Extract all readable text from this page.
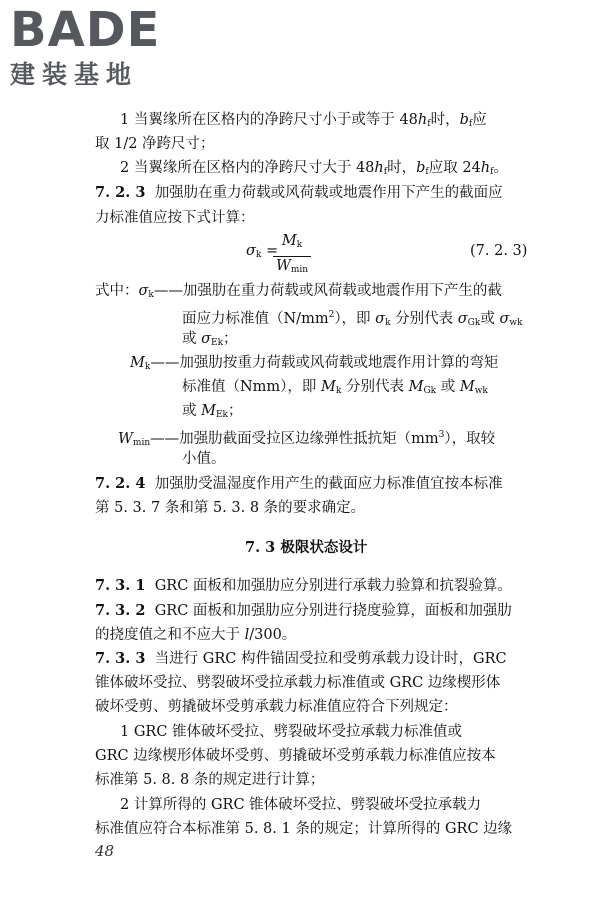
BADE
建装基地
1 当翼缘所在区格内的净跨尺寸小于或等于 $48h_f$时，$b_f$应
取 1/2 净跨尺寸；
2 当翼缘所在区格内的净跨尺寸大于 $48h_f$时，$b_f$应取 $24h_f$。
7. 2. 3 加强肋在重力荷载或风荷载或地震作用下产生的截面应
力标准值应按下式计算：
$\sigma_k$ =
$M_k$
$W_{min}$
(7. 2. 3)
式中：$\sigma_k——$加强肋在重力荷载或风荷载或地震作用下产生的截
面应力标准值$(N/mm^2)$，即 $\sigma_k$ 分别代表 $\sigma_{Gk}$或 $\sigma_{wk}$
或 $\sigma_{Ek}$；
$M_k——$加强肋按重力荷载或风荷载或地震作用计算的弯矩
标准值（Nmm），即 $M_k$ 分别代表 $M_{Gk}$ 或 $M_{wk}$
或 $M_{Ek}$；
$W_{min}——$加强肋截面受拉区边缘弹性抵抗矩$(mm^3)$，取较
小值。
7. 2. 4 加强肋受温湿度作用产生的截面应力标准值宜按本标准
第 5. 3. 7 条和第 5. 3. 8 条的要求确定。
7. 3 极限状态设计
7. 3. 1 GRC 面板和加强肋应分别进行承载力验算和抗裂验算。
7. 3. 2 GRC 面板和加强肋应分别进行挠度验算，面板和加强肋
的挠度值之和不应大于 l/300。
7. 3. 3 当进行 GRC 构件锚固受拉和受剪承载力设计时，GRC
锥体破坏受拉、劈裂破坏受拉承载力标准值或 GRC 边缘楔形体
破坏受剪、剪撬破坏受剪承载力标准值应符合下列规定：
1 GRC 锥体破坏受拉、劈裂破坏受拉承载力标准值或
GRC 边缘楔形体破坏受剪、剪撬破坏受剪承载力标准值应按本
标准第 5. 8. 8 条的规定进行计算；
2 计算所得的 GRC 锥体破坏受拉、劈裂破坏受拉承载力
标准值应符合本标准第 5. 8. 1 条的规定；计算所得的 GRC 边缘
48
